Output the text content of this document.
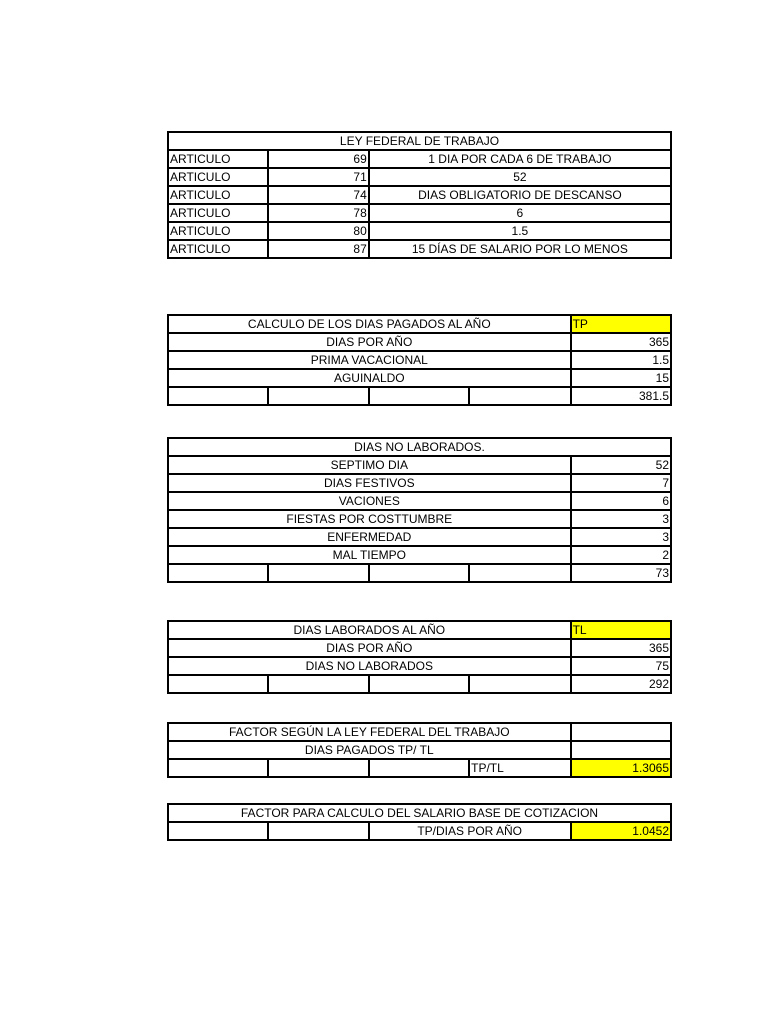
LEY FEDERAL DE TRABAJO		
ARTICULO	69	1 DIA POR CADA 6 DE TRABAJO
ARTICULO	71	52
ARTICULO	74	DIAS OBLIGATORIO DE DESCANSO
ARTICULO	78	6
ARTICULO	80	1.5
ARTICULO	87	15 DÍAS DE SALARIO POR LO MENOS
CALCULO DE LOS DIAS PAGADOS AL AÑO				TP
DIAS POR AÑO				365
PRIMA VACACIONAL				1.5
AGUINALDO				15
				381.5
DIAS NO LABORADOS.				
SEPTIMO DIA				52
DIAS FESTIVOS				7
VACIONES				6
FIESTAS POR COSTTUMBRE				3
ENFERMEDAD				3
MAL TIEMPO				2
				73
DIAS LABORADOS AL AÑO				TL
DIAS POR AÑO				365
DIAS NO LABORADOS				75
				292
FACTOR SEGÚN LA LEY FEDERAL DEL TRABAJO				
DIAS PAGADOS TP/ TL				
			TP/TL	1.3065
FACTOR PARA CALCULO DEL SALARIO BASE DE COTIZACION
		TP/DIAS POR AÑO	1.0452
